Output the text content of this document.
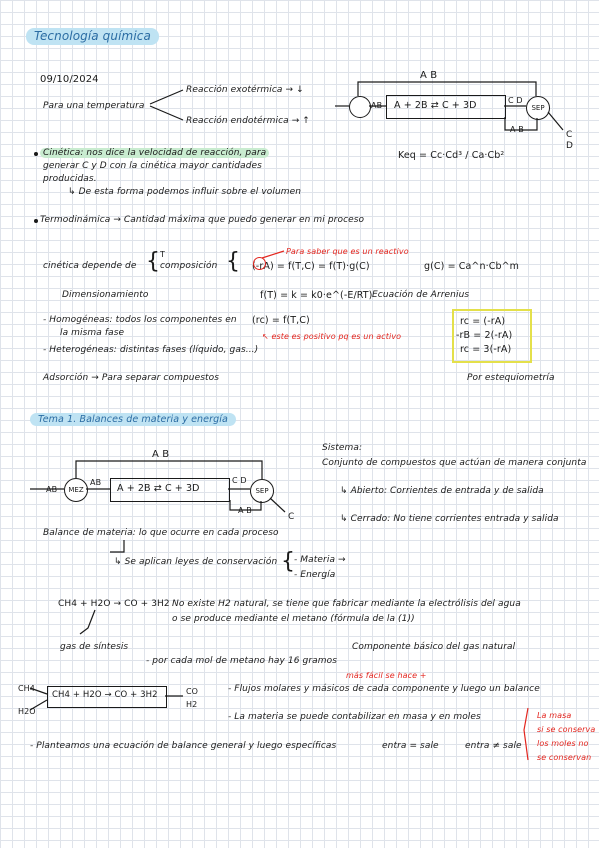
Tecnología química
09/10/2024
Para una temperatura
Reacción exotérmica → ↓
Reacción endotérmica → ↑
A B
AB A + 2B ⇄ C + 3D	C D
SEP
A B
C
D
Cinética: nos dice la velocidad de reacción, para
generar C y D con la cinética mayor cantidades
producidas.
↳ De esta forma podemos influir sobre el volumen
Keq = Cc·Cd³ / Ca·Cb²
Termodinámica → Cantidad máxima que puedo generar en mi proceso
cinética depende de { T
composición {	Para saber que es un reactivo
(-rA) = f(T,C) = f(T)·g(C)	g(C) = Ca^n·Cb^m
Dimensionamiento	f(T) = k = k0·e^(-E/RT) Ecuación de Arrenius
- Homogéneas: todos los componentes en
la misma fase
- Heterogéneas: distintas fases (líquido, gas...)
(rc) = f(T,C)
↖ este es positivo pq es un activo
rc = (-rA)
-rB = 2(-rA)
rc = 3(-rA)
Por estequiometría
Adsorción → Para separar compuestos
Tema 1. Balances de materia y energía
A B
AB	MEZ
AB
A + 2B ⇄ C + 3D
C D
SEP
A B
C
Sistema:
Conjunto de compuestos que actúan de manera conjunta
↳ Abierto: Corrientes de entrada y de salida
↳ Cerrado: No tiene corrientes entrada y salida
Balance de materia: lo que ocurre en cada proceso
↳ Se aplican leyes de conservación {
- Materia →
- Energía
CH4 + H2O → CO + 3H2 No existe H2 natural, se tiene que fabricar mediante la electrólisis del agua
o se produce mediante el metano (fórmula de la (1))
gas de síntesis	Componente básico del gas natural
- por cada mol de metano hay 16 gramos
más fácil se hace +
CH4
H2O
CH4 + H2O → CO + 3H2	CO
H2
- Flujos molares y másicos de cada componente y luego un balance
- La materia se puede contabilizar en masa y en moles
- Planteamos una ecuación de balance general y luego específicas	entra = sale	entra ≠ sale
La masa
si se conserva
los moles no
se conservan
